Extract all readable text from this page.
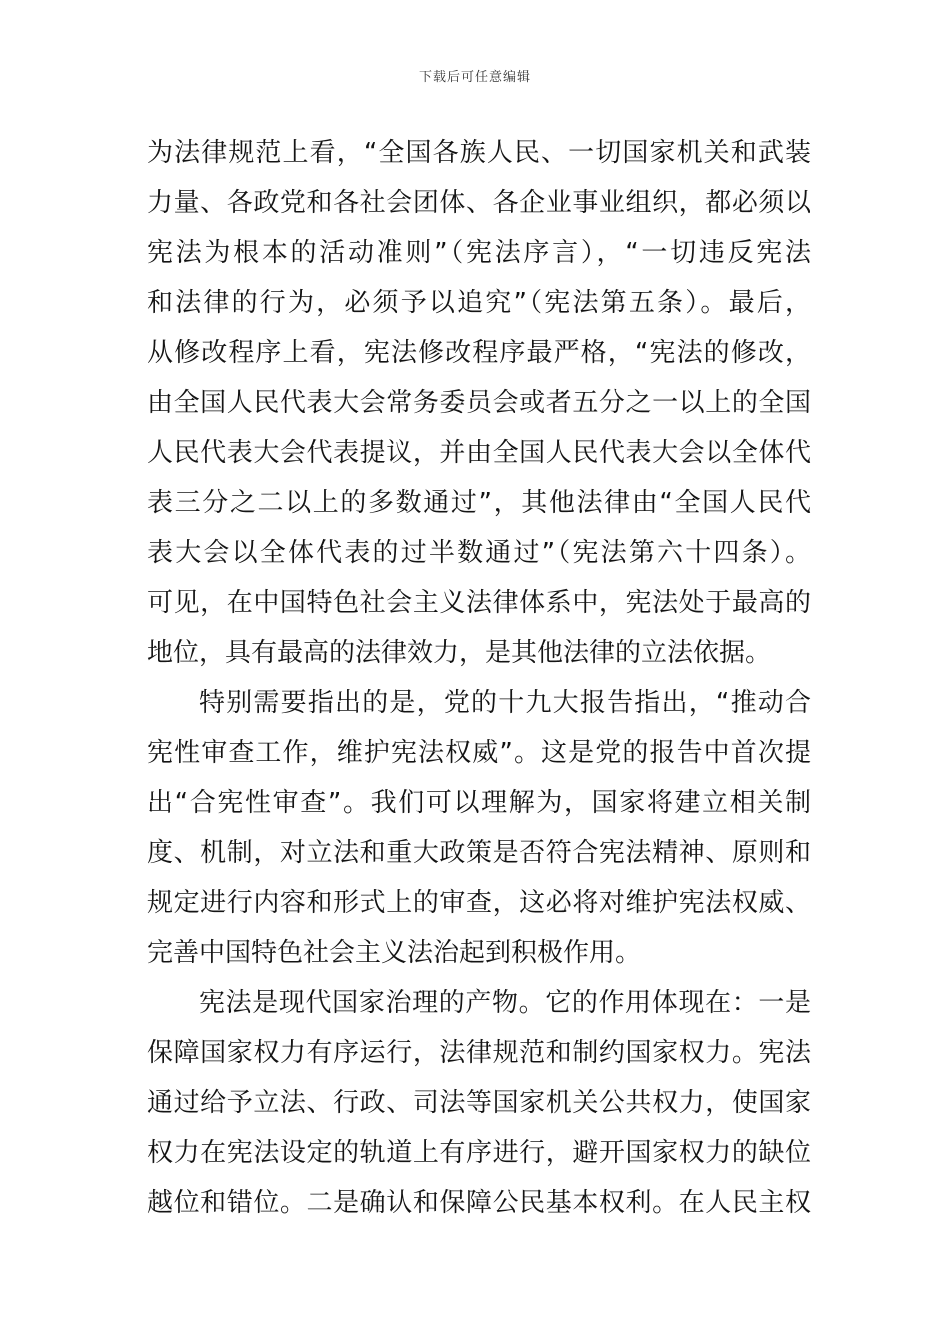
下载后可任意编辑
为法律规范上看，“全国各族人民、一切国家机关和武装
力量、各政党和各社会团体、各企业事业组织，都必须以
宪法为根本的活动准则”（宪法序言），“一切违反宪法
和法律的行为，必须予以追究”（宪法第五条）。最后，
从修改程序上看，宪法修改程序最严格，“宪法的修改，
由全国人民代表大会常务委员会或者五分之一以上的全国
人民代表大会代表提议，并由全国人民代表大会以全体代
表三分之二以上的多数通过”，其他法律由“全国人民代
表大会以全体代表的过半数通过”（宪法第六十四条）。
可见，在中国特色社会主义法律体系中，宪法处于最高的
地位，具有最高的法律效力，是其他法律的立法依据。
特别需要指出的是，党的十九大报告指出，“推动合
宪性审查工作，维护宪法权威”。这是党的报告中首次提
出“合宪性审查”。我们可以理解为，国家将建立相关制
度、机制，对立法和重大政策是否符合宪法精神、原则和
规定进行内容和形式上的审查，这必将对维护宪法权威、
完善中国特色社会主义法治起到积极作用。
宪法是现代国家治理的产物。它的作用体现在：一是
保障国家权力有序运行，法律规范和制约国家权力。宪法
通过给予立法、行政、司法等国家机关公共权力，使国家
权力在宪法设定的轨道上有序进行，避开国家权力的缺位
越位和错位。二是确认和保障公民基本权利。在人民主权
